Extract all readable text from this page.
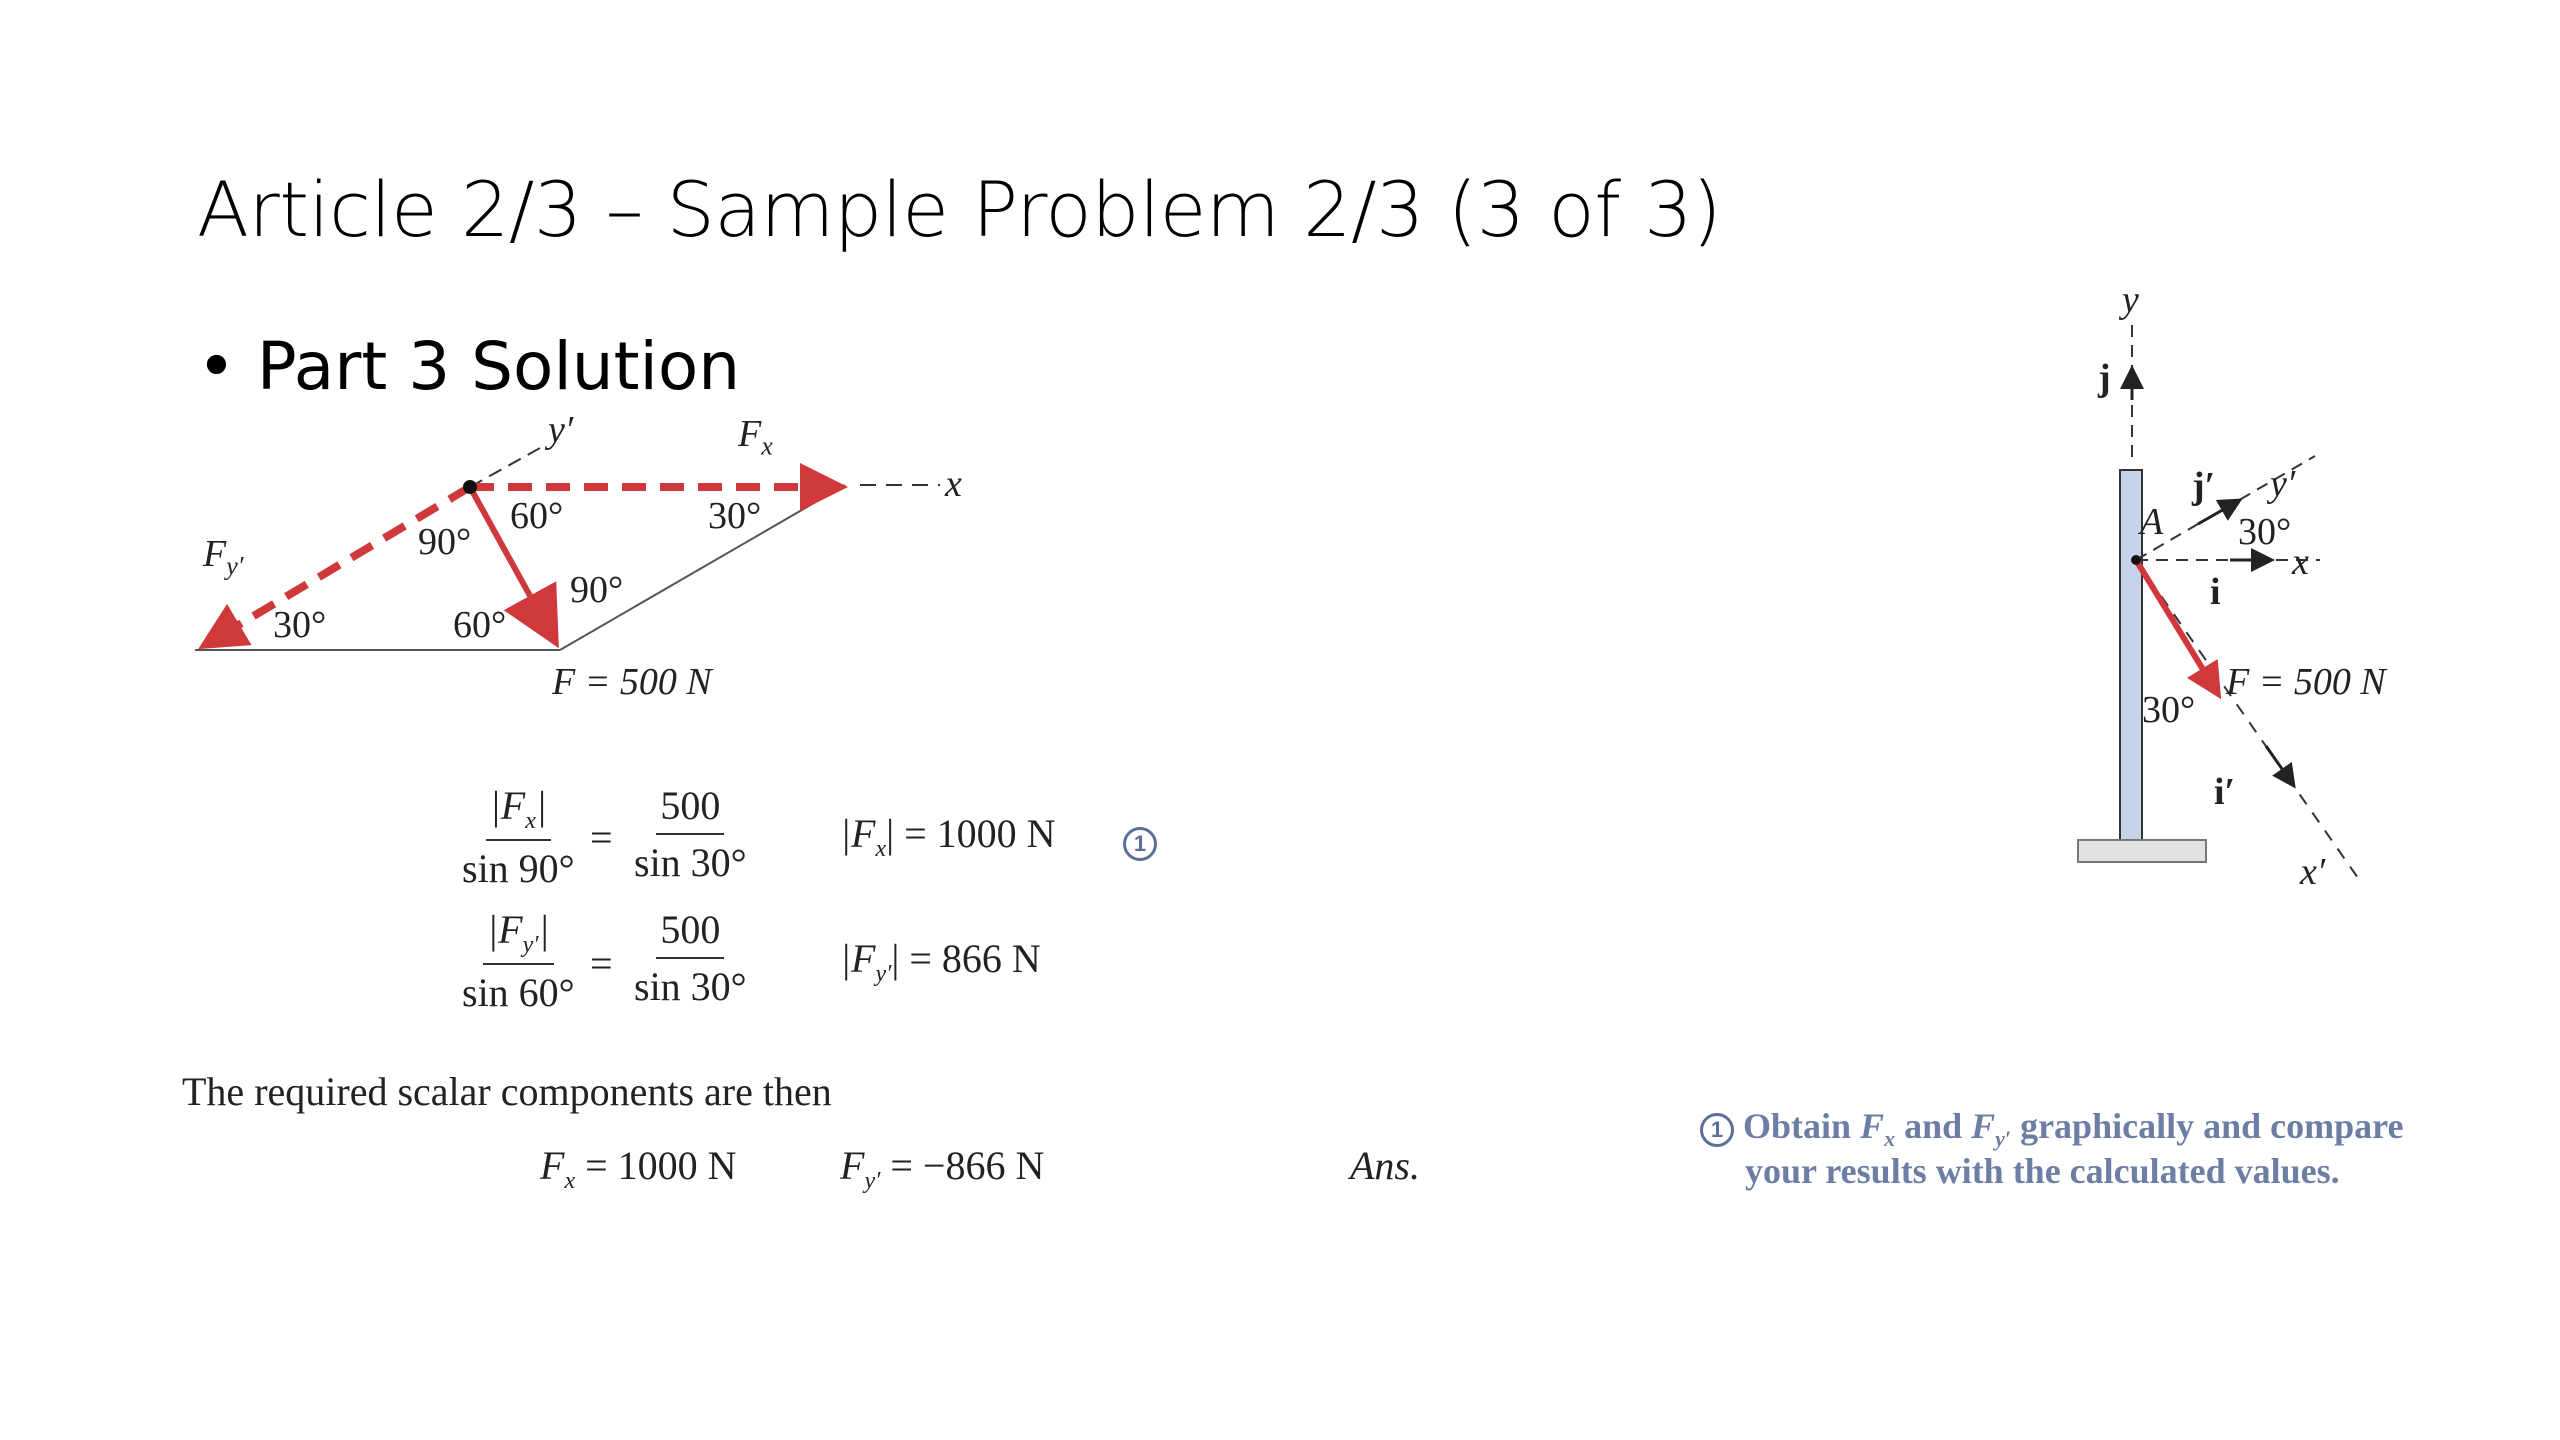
Article 2/3 – Sample Problem 2/3 (3 of 3)
• Part 3 Solution
y′	$F_x$
x
$F_{y'}$
60°
90°
30°
90°
30°	60°
F = 500 N
$\frac{|F_x|}{\sin 90^\circ} = \frac{500}{\sin 30^\circ} |F_x| = 1000$ N	1
$\frac{|F_{y'}|}{\sin 60^\circ} = \frac{500}{\sin 30^\circ} |F_{y'}| = 866$ N
The required scalar components are then
$F_x = 1000$ N	$F_{y'} = -866$ N	Ans.
y
j
j′ y′
A 30°
x
i
F = 500 N
30°
i′
x′
1 Obtain $F_x$ and $F_{y'}$ graphically and compare
your results with the calculated values.
